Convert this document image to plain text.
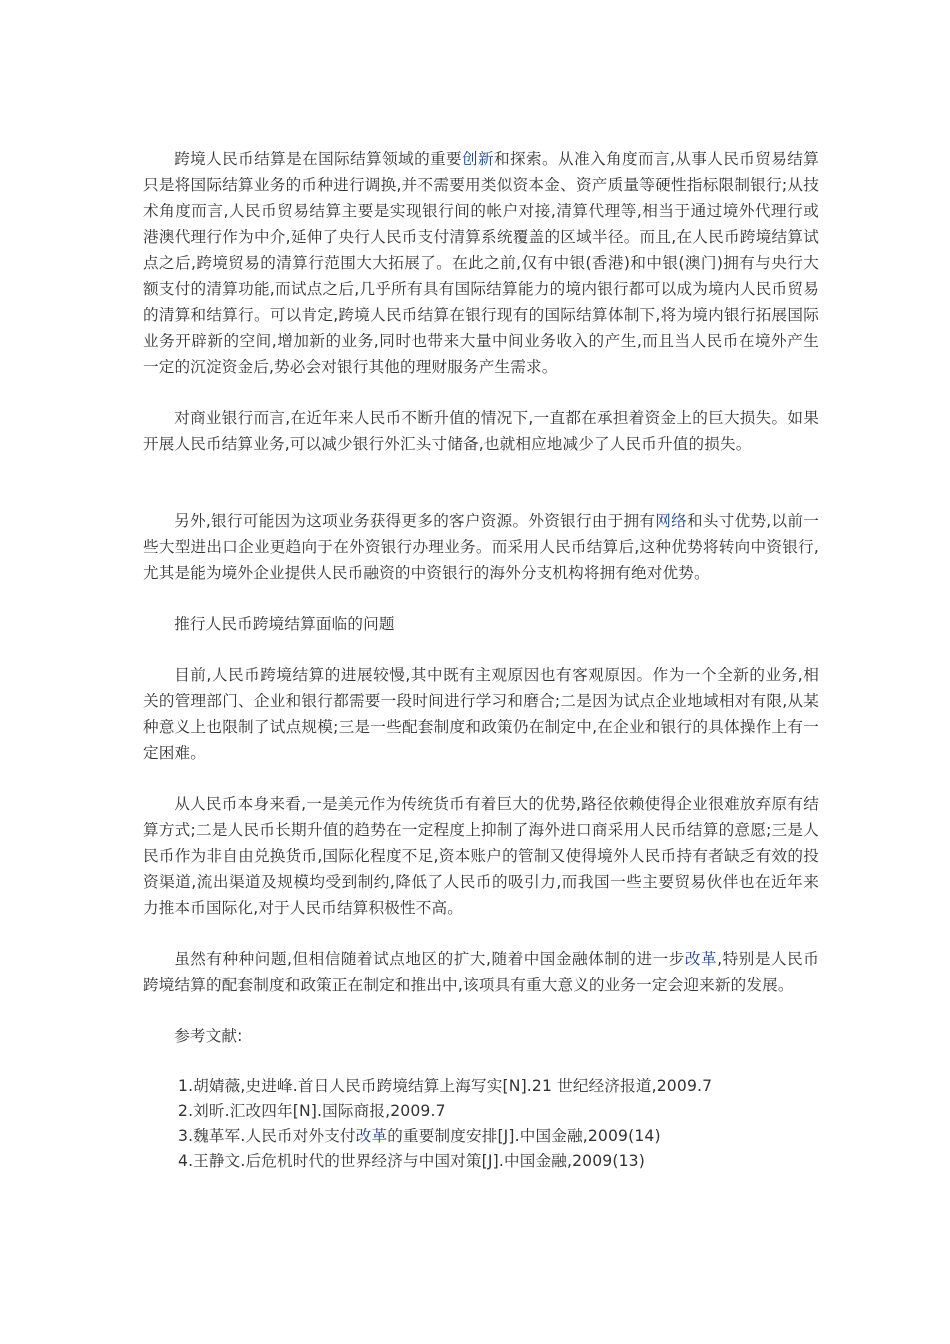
跨境人民币结算是在国际结算领域的重要创新和探索。从准入角度而言,从事人民币贸易结算只是将国际结算业务的币种进行调换,并不需要用类似资本金、资产质量等硬性指标限制银行;从技术角度而言,人民币贸易结算主要是实现银行间的帐户对接,清算代理等,相当于通过境外代理行或港澳代理行作为中介,延伸了央行人民币支付清算系统覆盖的区域半径。而且,在人民币跨境结算试点之后,跨境贸易的清算行范围大大拓展了。在此之前,仅有中银(香港)和中银(澳门)拥有与央行大额支付的清算功能,而试点之后,几乎所有具有国际结算能力的境内银行都可以成为境内人民币贸易的清算和结算行。可以肯定,跨境人民币结算在银行现有的国际结算体制下,将为境内银行拓展国际业务开辟新的空间,增加新的业务,同时也带来大量中间业务收入的产生,而且当人民币在境外产生一定的沉淀资金后,势必会对银行其他的理财服务产生需求。

对商业银行而言,在近年来人民币不断升值的情况下,一直都在承担着资金上的巨大损失。如果开展人民币结算业务,可以减少银行外汇头寸储备,也就相应地减少了人民币升值的损失。

另外,银行可能因为这项业务获得更多的客户资源。外资银行由于拥有网络和头寸优势,以前一些大型进出口企业更趋向于在外资银行办理业务。而采用人民币结算后,这种优势将转向中资银行,尤其是能为境外企业提供人民币融资的中资银行的海外分支机构将拥有绝对优势。

推行人民币跨境结算面临的问题

目前,人民币跨境结算的进展较慢,其中既有主观原因也有客观原因。作为一个全新的业务,相关的管理部门、企业和银行都需要一段时间进行学习和磨合;二是因为试点企业地域相对有限,从某种意义上也限制了试点规模;三是一些配套制度和政策仍在制定中,在企业和银行的具体操作上有一定困难。

从人民币本身来看,一是美元作为传统货币有着巨大的优势,路径依赖使得企业很难放弃原有结算方式;二是人民币长期升值的趋势在一定程度上抑制了海外进口商采用人民币结算的意愿;三是人民币作为非自由兑换货币,国际化程度不足,资本账户的管制又使得境外人民币持有者缺乏有效的投资渠道,流出渠道及规模均受到制约,降低了人民币的吸引力,而我国一些主要贸易伙伴也在近年来力推本币国际化,对于人民币结算积极性不高。

虽然有种种问题,但相信随着试点地区的扩大,随着中国金融体制的进一步改革,特别是人民币跨境结算的配套制度和政策正在制定和推出中,该项具有重大意义的业务一定会迎来新的发展。

参考文献:

1.胡婧薇,史进峰.首日人民币跨境结算上海写实[N].21 世纪经济报道,2009.7
2.刘昕.汇改四年[N].国际商报,2009.7
3.魏革军.人民币对外支付改革的重要制度安排[J].中国金融,2009(14)
4.王静文.后危机时代的世界经济与中国对策[J].中国金融,2009(13)
